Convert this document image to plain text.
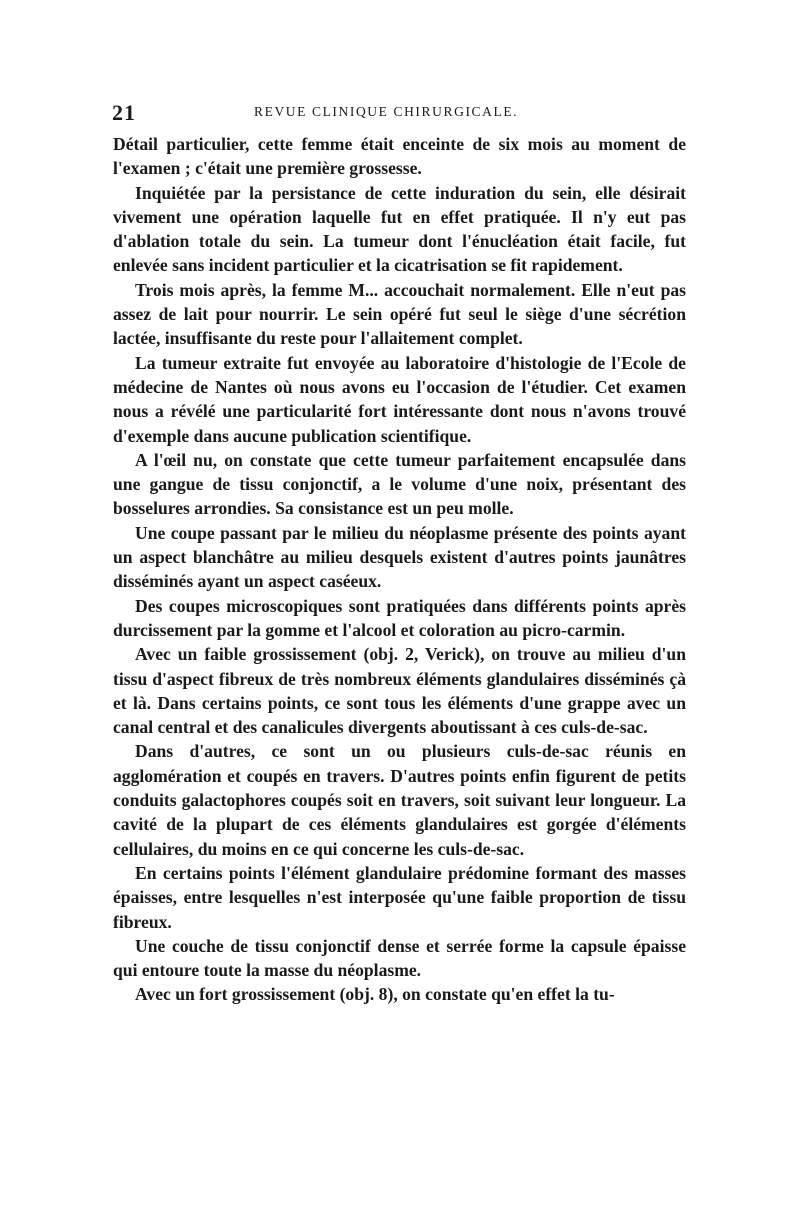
21	REVUE CLINIQUE CHIRURGICALE.

Détail particulier, cette femme était enceinte de six mois au moment de l'examen ; c'était une première grossesse.

Inquiétée par la persistance de cette induration du sein, elle désirait vivement une opération laquelle fut en effet pratiquée. Il n'y eut pas d'ablation totale du sein. La tumeur dont l'énucléation était facile, fut enlevée sans incident particulier et la cicatrisation se fit rapidement.

Trois mois après, la femme M... accouchait normalement. Elle n'eut pas assez de lait pour nourrir. Le sein opéré fut seul le siège d'une sécrétion lactée, insuffisante du reste pour l'allaitement complet.

La tumeur extraite fut envoyée au laboratoire d'histologie de l'Ecole de médecine de Nantes où nous avons eu l'occasion de l'étudier. Cet examen nous a révélé une particularité fort intéressante dont nous n'avons trouvé d'exemple dans aucune publication scientifique.

A l'œil nu, on constate que cette tumeur parfaitement encapsulée dans une gangue de tissu conjonctif, a le volume d'une noix, présentant des bosselures arrondies. Sa consistance est un peu molle.

Une coupe passant par le milieu du néoplasme présente des points ayant un aspect blanchâtre au milieu desquels existent d'autres points jaunâtres disséminés ayant un aspect caséeux.

Des coupes microscopiques sont pratiquées dans différents points après durcissement par la gomme et l'alcool et coloration au picro-carmin.

Avec un faible grossissement (obj. 2, Verick), on trouve au milieu d'un tissu d'aspect fibreux de très nombreux éléments glandulaires disséminés çà et là. Dans certains points, ce sont tous les éléments d'une grappe avec un canal central et des canalicules divergents aboutissant à ces culs-de-sac.

Dans d'autres, ce sont un ou plusieurs culs-de-sac réunis en agglomération et coupés en travers. D'autres points enfin figurent de petits conduits galactophores coupés soit en travers, soit suivant leur longueur. La cavité de la plupart de ces éléments glandulaires est gorgée d'éléments cellulaires, du moins en ce qui concerne les culs-de-sac.

En certains points l'élément glandulaire prédomine formant des masses épaisses, entre lesquelles n'est interposée qu'une faible proportion de tissu fibreux.

Une couche de tissu conjonctif dense et serrée forme la capsule épaisse qui entoure toute la masse du néoplasme.

Avec un fort grossissement (obj. 8), on constate qu'en effet la tu-
